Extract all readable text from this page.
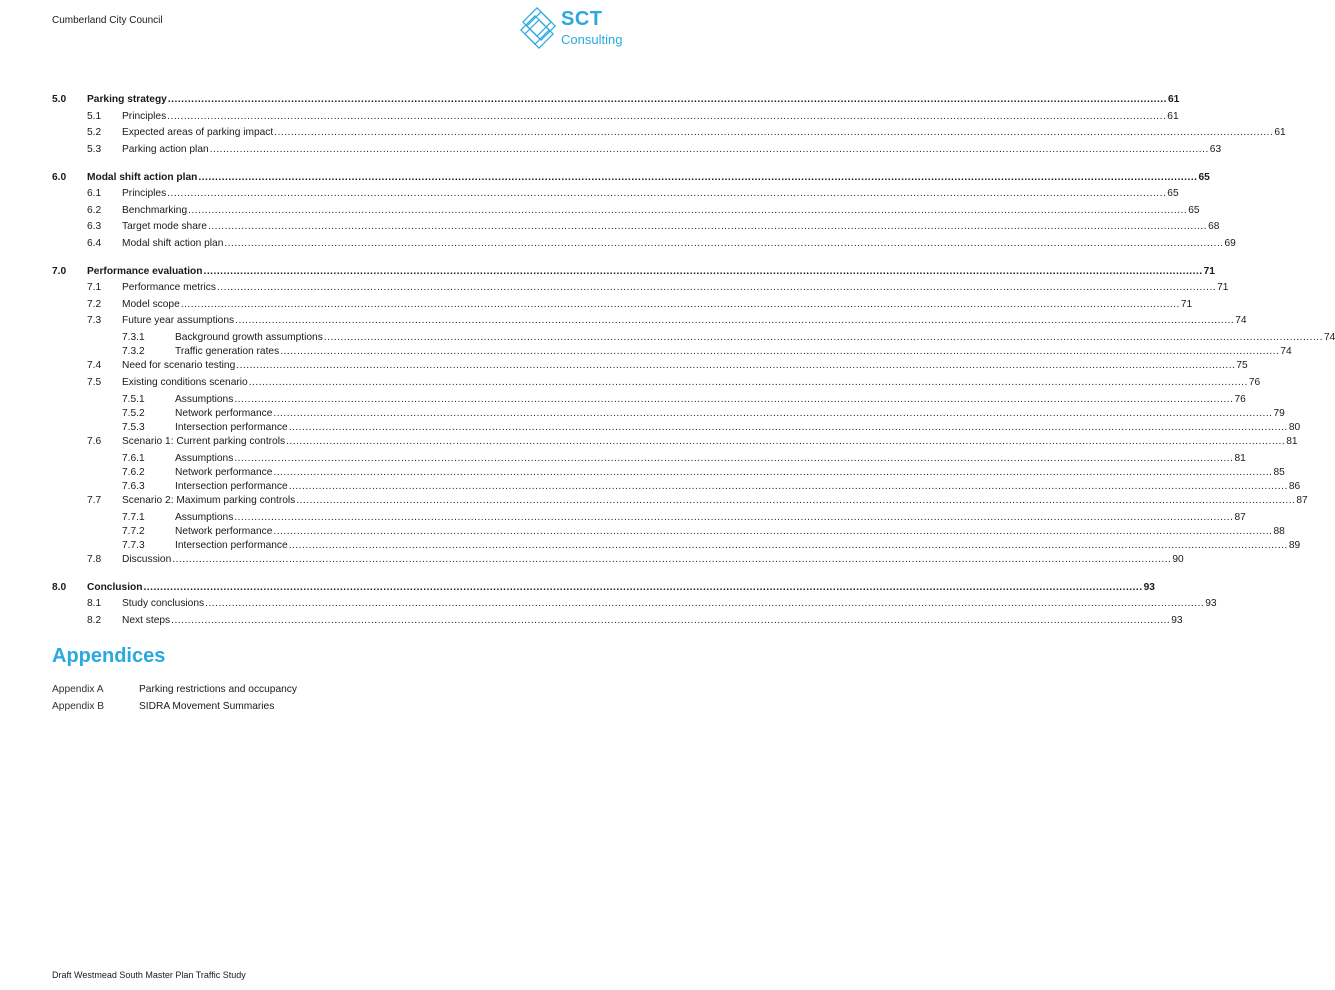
Cumberland City Council	SCT
Consulting
5.0 Parking strategy ............................................................................................................................................................................................................................................................................................................ 61
5.1 Principles ............................................................................................................................................................................................................................................................................................................ 61
5.2 Expected areas of parking impact ............................................................................................................................................................................................................................................................................................................ 61
5.3 Parking action plan ............................................................................................................................................................................................................................................................................................................ 63
6.0 Modal shift action plan ............................................................................................................................................................................................................................................................................................................ 65
6.1 Principles ............................................................................................................................................................................................................................................................................................................ 65
6.2 Benchmarking ............................................................................................................................................................................................................................................................................................................ 65
6.3 Target mode share ............................................................................................................................................................................................................................................................................................................ 68
6.4 Modal shift action plan ............................................................................................................................................................................................................................................................................................................ 69
7.0 Performance evaluation ............................................................................................................................................................................................................................................................................................................ 71
7.1 Performance metrics ............................................................................................................................................................................................................................................................................................................ 71
7.2 Model scope ............................................................................................................................................................................................................................................................................................................ 71
7.3 Future year assumptions ............................................................................................................................................................................................................................................................................................................ 74
7.3.1	Background growth assumptions ............................................................................................................................................................................................................................................................................................................ 74
7.3.2	Traffic generation rates ............................................................................................................................................................................................................................................................................................................ 74
7.4 Need for scenario testing ............................................................................................................................................................................................................................................................................................................ 75
7.5 Existing conditions scenario ............................................................................................................................................................................................................................................................................................................ 76
7.5.1	Assumptions ............................................................................................................................................................................................................................................................................................................ 76
7.5.2	Network performance ............................................................................................................................................................................................................................................................................................................ 79
7.5.3	Intersection performance ............................................................................................................................................................................................................................................................................................................ 80
7.6 Scenario 1: Current parking controls ............................................................................................................................................................................................................................................................................................................ 81
7.6.1	Assumptions ............................................................................................................................................................................................................................................................................................................ 81
7.6.2	Network performance ............................................................................................................................................................................................................................................................................................................ 85
7.6.3	Intersection performance ............................................................................................................................................................................................................................................................................................................ 86
7.7 Scenario 2: Maximum parking controls ............................................................................................................................................................................................................................................................................................................ 87
7.7.1	Assumptions ............................................................................................................................................................................................................................................................................................................ 87
7.7.2	Network performance ............................................................................................................................................................................................................................................................................................................ 88
7.7.3	Intersection performance ............................................................................................................................................................................................................................................................................................................ 89
7.8 Discussion ............................................................................................................................................................................................................................................................................................................ 90
8.0 Conclusion ............................................................................................................................................................................................................................................................................................................ 93
8.1 Study conclusions ............................................................................................................................................................................................................................................................................................................ 93
8.2 Next steps ............................................................................................................................................................................................................................................................................................................ 93
Appendices
Appendix A	Parking restrictions and occupancy
Appendix B	SIDRA Movement Summaries
Draft Westmead South Master Plan Traffic Study
